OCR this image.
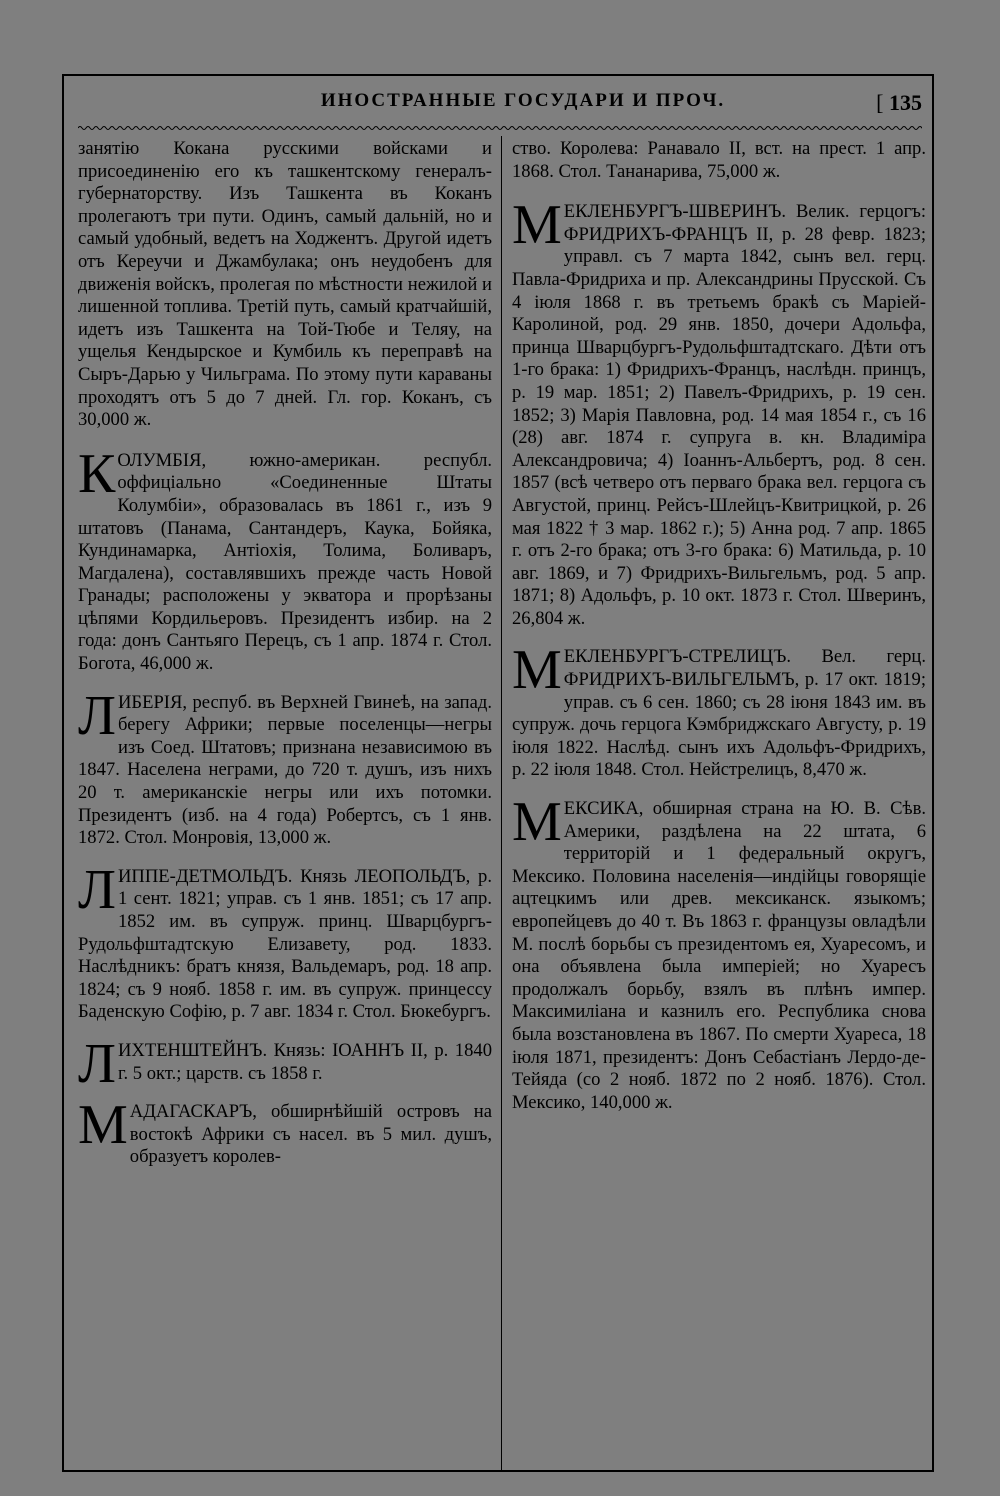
ИНОСТРАННЫЕ ГОСУДАРИ И ПРОЧ.
[	135

занятію Кокана русскими войсками и присоединенію его къ ташкентскому генералъ-губернаторству. Изъ Ташкента въ Коканъ пролегаютъ три пути. Одинъ, самый дальній, но и самый удобный, ведетъ на Ходжентъ. Другой идетъ отъ Кереучи и Джамбулака; онъ неудобенъ для движенія войскъ, пролегая по мѣстности нежилой и лишенной топлива. Третій путь, самый кратчайшій, идетъ изъ Ташкента на Той-Тюбе и Теляу, на ущелья Кендырское и Кумбиль къ переправѣ на Сыръ-Дарью у Чильграма. По этому пути караваны проходятъ отъ 5 до 7 дней. Гл. гор. Коканъ, съ 30,000 ж.

КОЛУМБІЯ, южно-американ. республ. оффиціально «Соединенные Штаты Колумбіи», образовалась въ 1861 г., изъ 9 штатовъ (Панама, Сантандеръ, Каука, Бойяка, Кундинамарка, Антіохія, Толима, Боливаръ, Магдалена), составлявшихъ прежде часть Новой Гранады; расположены у экватора и прорѣзаны цѣпями Кордильеровъ. Президентъ избир. на 2 года: донъ Сантьяго Перецъ, съ 1 апр. 1874 г. Стол. Богота, 46,000 ж.

ЛИБЕРІЯ, респуб. въ Верхней Гвинеѣ, на запад. берегу Африки; первые поселенцы—негры изъ Соед. Штатовъ; признана независимою въ 1847. Населена неграми, до 720 т. душъ, изъ нихъ 20 т. американскіе негры или ихъ потомки. Президентъ (изб. на 4 года) Робертсъ, съ 1 янв. 1872. Стол. Монровія, 13,000 ж.

ЛИППЕ-ДЕТМОЛЬДЪ. Князь ЛЕОПОЛЬДЪ, р. 1 сент. 1821; управ. съ 1 янв. 1851; съ 17 апр. 1852 им. въ супруж. принц. Шварцбургъ-Рудольфштадтскую Елизавету, род. 1833. Наслѣдникъ: братъ князя, Вальдемаръ, род. 18 апр. 1824; съ 9 нояб. 1858 г. им. въ супруж. принцессу Баденскую Софію, р. 7 авг. 1834 г. Стол. Бюкебургъ.

ЛИХТЕНШТЕЙНЪ. Князь: ІОАННЪ II, р. 1840 г. 5 окт.; царств. съ 1858 г.

МАДАГАСКАРЪ, обширнѣйшій островъ на востокѣ Африки съ насел. въ 5 мил. душъ, образуетъ королев-

ство. Королева: Ранавало II, вст. на прест. 1 апр. 1868. Стол. Тананарива, 75,000 ж.

МЕКЛЕНБУРГЪ-ШВЕРИНЪ. Велик. герцогъ: ФРИДРИХЪ-ФРАНЦЪ II, р. 28 февр. 1823; управл. съ 7 марта 1842, сынъ вел. герц. Павла-Фридриха и пр. Александрины Прусской. Съ 4 іюля 1868 г. въ третьемъ бракѣ съ Маріей-Каролиной, род. 29 янв. 1850, дочери Адольфа, принца Шварцбургъ-Рудольфштадтскаго. Дѣти отъ 1-го брака: 1) Фридрихъ-Францъ, наслѣдн. принцъ, р. 19 мар. 1851; 2) Павелъ-Фридрихъ, р. 19 сен. 1852; 3) Марія Павловна, род. 14 мая 1854 г., съ 16 (28) авг. 1874 г. супруга в. кн. Владиміра Александровича; 4) Іоаннъ-Альбертъ, род. 8 сен. 1857 (всѣ четверо отъ перваго брака вел. герцога съ Августой, принц. Рейсъ-Шлейцъ-Квитрицкой, р. 26 мая 1822 † 3 мар. 1862 г.); 5) Анна род. 7 апр. 1865 г. отъ 2-го брака; отъ 3-го брака: 6) Матильда, р. 10 авг. 1869, и 7) Фридрихъ-Вильгельмъ, род. 5 апр. 1871; 8) Адольфъ, р. 10 окт. 1873 г. Стол. Шверинъ, 26,804 ж.

МЕКЛЕНБУРГЪ-СТРЕЛИЦЪ. Вел. герц. ФРИДРИХЪ-ВИЛЬГЕЛЬМЪ, р. 17 окт. 1819; управ. съ 6 сен. 1860; съ 28 іюня 1843 им. въ супруж. дочь герцога Кэмбриджскаго Августу, р. 19 іюля 1822. Наслѣд. сынъ ихъ Адольфъ-Фридрихъ, р. 22 іюля 1848. Стол. Нейстрелицъ, 8,470 ж.

МЕКСИКА, обширная страна на Ю. В. Сѣв. Америки, раздѣлена на 22 штата, 6 территорій и 1 федеральный округъ, Мексико. Половина населенія—индійцы говорящіе ацтецкимъ или древ. мексиканск. языкомъ; европейцевъ до 40 т. Въ 1863 г. французы овладѣли М. послѣ борьбы съ президентомъ ея, Хуаресомъ, и она объявлена была имперіей; но Хуаресъ продолжалъ борьбу, взялъ въ плѣнъ импер. Максимиліана и казнилъ его. Республика снова была возстановлена въ 1867. По смерти Хуареса, 18 іюля 1871, президентъ: Донъ Себастіанъ Лердо-де-Тейяда (со 2 нояб. 1872 по 2 нояб. 1876). Стол. Мексико, 140,000 ж.
